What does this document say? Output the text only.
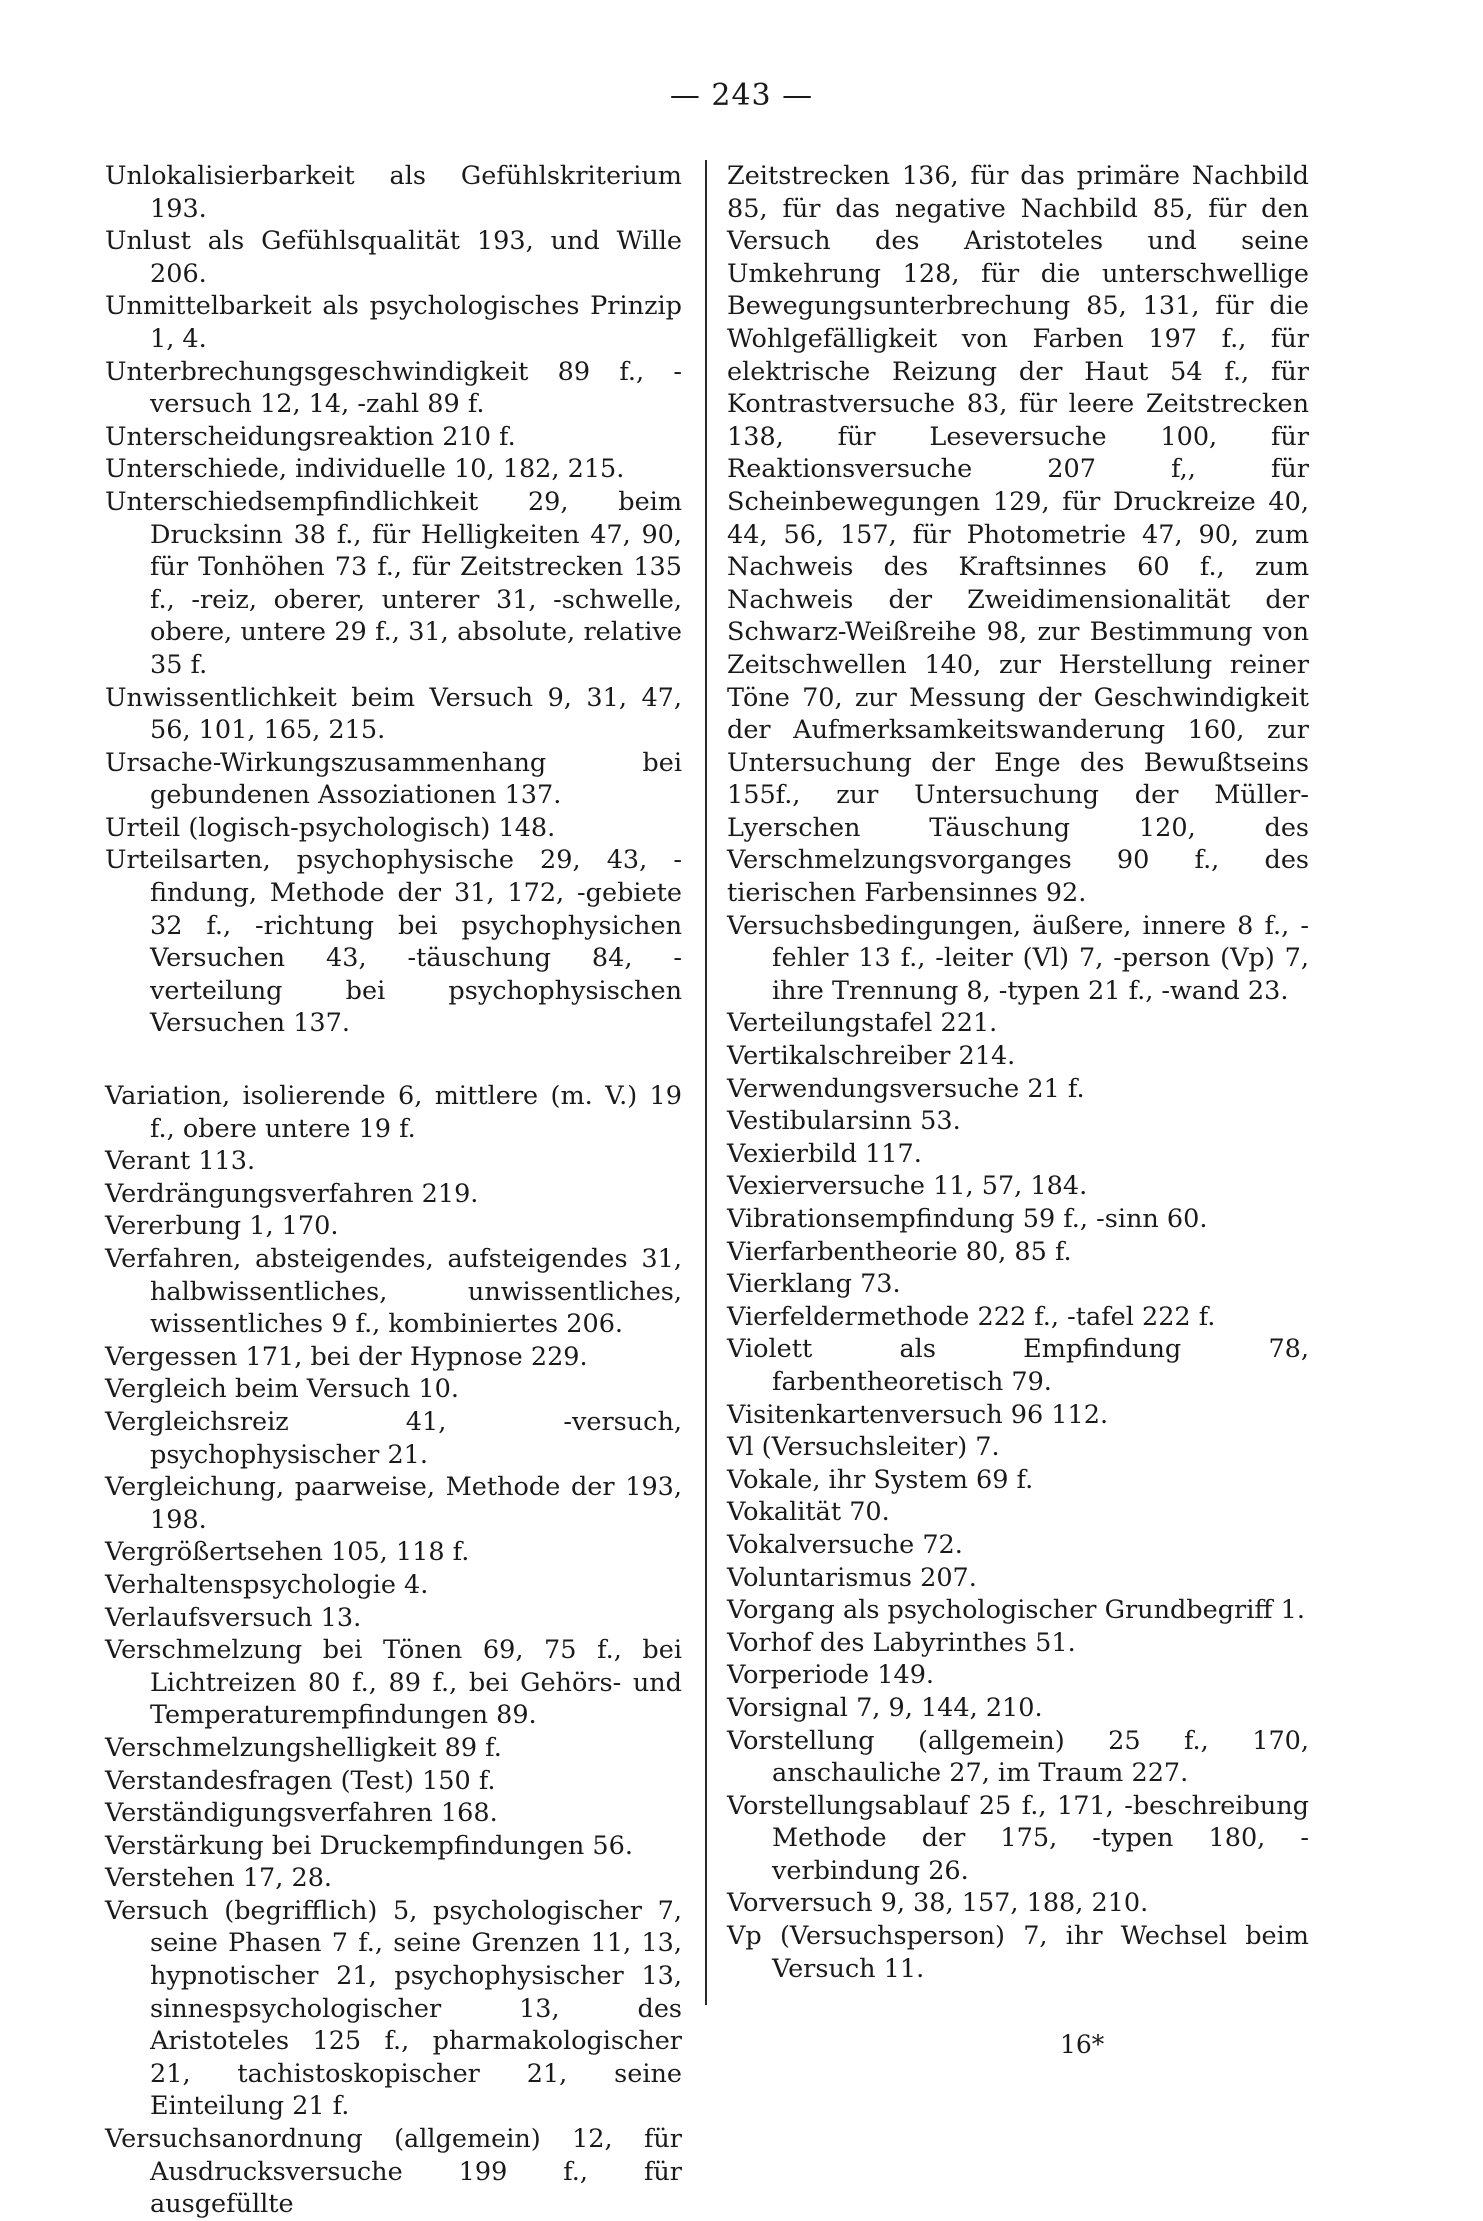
— 243 —
Unlokalisierbarkeit als Gefühlskriterium 193.
Unlust als Gefühlsqualität 193, und Wille 206.
Unmittelbarkeit als psychologisches Prinzip 1, 4.
Unterbrechungsgeschwindigkeit 89 f., -versuch 12, 14, -zahl 89 f.
Unterscheidungsreaktion 210 f.
Unterschiede, individuelle 10, 182, 215.
Unterschiedsempfindlichkeit 29, beim Drucksinn 38 f., für Helligkeiten 47, 90, für Tonhöhen 73 f., für Zeitstrecken 135 f., -reiz, oberer, unterer 31, -schwelle, obere, untere 29 f., 31, absolute, relative 35 f.
Unwissentlichkeit beim Versuch 9, 31, 47, 56, 101, 165, 215.
Ursache-Wirkungszusammenhang bei gebundenen Assoziationen 137.
Urteil (logisch-psychologisch) 148.
Urteilsarten, psychophysische 29, 43, -findung, Methode der 31, 172, -gebiete 32 f., -richtung bei psychophysichen Versuchen 43, -täuschung 84, -verteilung bei psychophysischen Versuchen 137.
Variation, isolierende 6, mittlere (m. V.) 19 f., obere untere 19 f.
Verant 113.
Verdrängungsverfahren 219.
Vererbung 1, 170.
Verfahren, absteigendes, aufsteigendes 31, halbwissentliches, unwissentliches, wissentliches 9 f., kombiniertes 206.
Vergessen 171, bei der Hypnose 229.
Vergleich beim Versuch 10.
Vergleichsreiz 41, -versuch, psychophysischer 21.
Vergleichung, paarweise, Methode der 193, 198.
Vergrößertsehen 105, 118 f.
Verhaltenspsychologie 4.
Verlaufsversuch 13.
Verschmelzung bei Tönen 69, 75 f., bei Lichtreizen 80 f., 89 f., bei Gehörs- und Temperaturempfindungen 89.
Verschmelzungshelligkeit 89 f.
Verstandesfragen (Test) 150 f.
Verständigungsverfahren 168.
Verstärkung bei Druckempfindungen 56.
Verstehen 17, 28.
Versuch (begrifflich) 5, psychologischer 7, seine Phasen 7 f., seine Grenzen 11, 13, hypnotischer 21, psychophysischer 13, sinnespsychologischer 13, des Aristoteles 125 f., pharmakologischer 21, tachistoskopischer 21, seine Einteilung 21 f.
Versuchsanordnung (allgemein) 12, für Ausdrucksversuche 199 f., für ausgefüllte
Zeitstrecken 136, für das primäre Nachbild 85, für das negative Nachbild 85, für den Versuch des Aristoteles und seine Umkehrung 128, für die unterschwellige Bewegungsunterbrechung 85, 131, für die Wohlgefälligkeit von Farben 197 f., für elektrische Reizung der Haut 54 f., für Kontrastversuche 83, für leere Zeitstrecken 138, für Leseversuche 100, für Reaktionsversuche 207 f,, für Scheinbewegungen 129, für Druckreize 40, 44, 56, 157, für Photometrie 47, 90, zum Nachweis des Kraftsinnes 60 f., zum Nachweis der Zweidimensionalität der Schwarz-Weißreihe 98, zur Bestimmung von Zeitschwellen 140, zur Herstellung reiner Töne 70, zur Messung der Geschwindigkeit der Aufmerksamkeitswanderung 160, zur Untersuchung der Enge des Bewußtseins 155f., zur Untersuchung der Müller-Lyerschen Täuschung 120, des Verschmelzungsvorganges 90 f., des tierischen Farbensinnes 92.
Versuchsbedingungen, äußere, innere 8 f., -fehler 13 f., -leiter (Vl) 7, -person (Vp) 7, ihre Trennung 8, -typen 21 f., -wand 23.
Verteilungstafel 221.
Vertikalschreiber 214.
Verwendungsversuche 21 f.
Vestibularsinn 53.
Vexierbild 117.
Vexierversuche 11, 57, 184.
Vibrationsempfindung 59 f., -sinn 60.
Vierfarbentheorie 80, 85 f.
Vierklang 73.
Vierfeldermethode 222 f., -tafel 222 f.
Violett als Empfindung 78, farbentheoretisch 79.
Visitenkartenversuch 96 112.
Vl (Versuchsleiter) 7.
Vokale, ihr System 69 f.
Vokalität 70.
Vokalversuche 72.
Voluntarismus 207.
Vorgang als psychologischer Grundbegriff 1.
Vorhof des Labyrinthes 51.
Vorperiode 149.
Vorsignal 7, 9, 144, 210.
Vorstellung (allgemein) 25 f., 170, anschauliche 27, im Traum 227.
Vorstellungsablauf 25 f., 171, -beschreibung Methode der 175, -typen 180, -verbindung 26.
Vorversuch 9, 38, 157, 188, 210.
Vp (Versuchsperson) 7, ihr Wechsel beim Versuch 11.
16*
